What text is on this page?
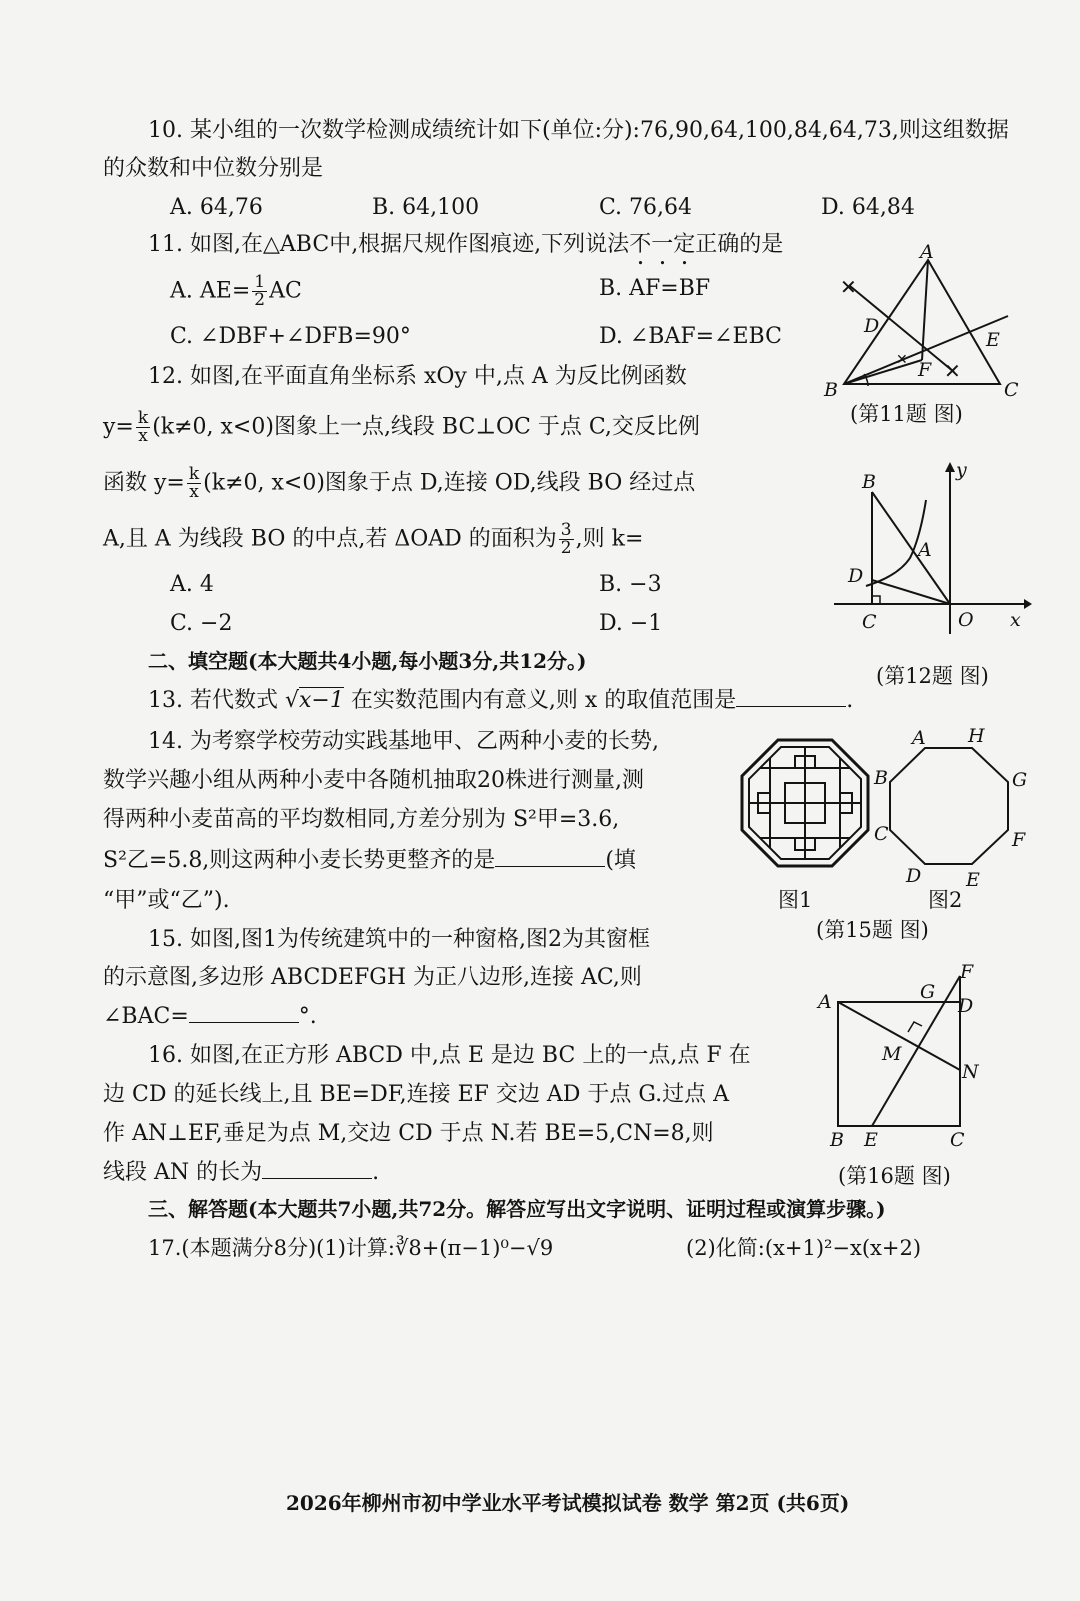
10. 某小组的一次数学检测成绩统计如下(单位:分):76,90,64,100,84,64,73,则这组数据
的众数和中位数分别是
A. 64,76	B. 64,100	C. 76,64	D. 64,84
11. 如图,在△ABC中,根据尺规作图痕迹,下列说法不一定正确的是
A. $AE= \frac{1}{2}$ AC	B. AF=BF
C. ∠DBF+∠DFB=90°	D. ∠BAF=∠EBC
A
B	C
D
E
F
✕
✕
✕
(第11题 图)
12. 如图,在平面直角坐标系 xOy 中,点 A 为反比例函数
$y= \frac{k}{x} (k\ne 0$, x<0)图象上一点,线段 BC⊥OC 于点 C,交反比例
函数 $y= \frac{k}{x} (k\ne 0$, x<0)图象于点 D,连接 OD,线段 BO 经过点
A,且 A 为线段 BO 的中点,若 ΔOAD 的面积为 $\frac{3}{2}$ ,则 k=
A. 4	B. −3
C. −2	D. −1
B
A
D
C	O x
y
(第12题 图)
二、填空题(本大题共4小题,每小题3分,共12分。)
13. 若代数式 √x−1 在实数范围内有意义,则 x 的取值范围是	.
14. 为考察学校劳动实践基地甲、乙两种小麦的长势,
数学兴趣小组从两种小麦中各随机抽取20株进行测量,测
得两种小麦苗高的平均数相同,方差分别为 S²甲=3.6,
S²乙=5.8,则这两种小麦长势更整齐的是	(填
“甲”或“乙”).
A H
G
F
E
D
C
B
图1	图2
(第15题 图)
15. 如图,图1为传统建筑中的一种窗格,图2为其窗框
的示意图,多边形 ABCDEFGH 为正八边形,连接 AC,则
∠BAC=	°.
16. 如图,在正方形 ABCD 中,点 E 是边 BC 上的一点,点 F 在
边 CD 的延长线上,且 BE=DF,连接 EF 交边 AD 于点 G.过点 A
作 AN⊥EF,垂足为点 M,交边 CD 于点 N.若 BE=5,CN=8,则
线段 AN 的长为	.
A	G
F
D
M
N
B E	C
(第16题 图)
三、解答题(本大题共7小题,共72分。解答应写出文字说明、证明过程或演算步骤。)
17.(本题满分8分)(1)计算:∛8+(π−1)⁰−√9	(2)化简:(x+1)²−x(x+2)
2026年柳州市初中学业水平考试模拟试卷 数学 第2页 (共6页)
